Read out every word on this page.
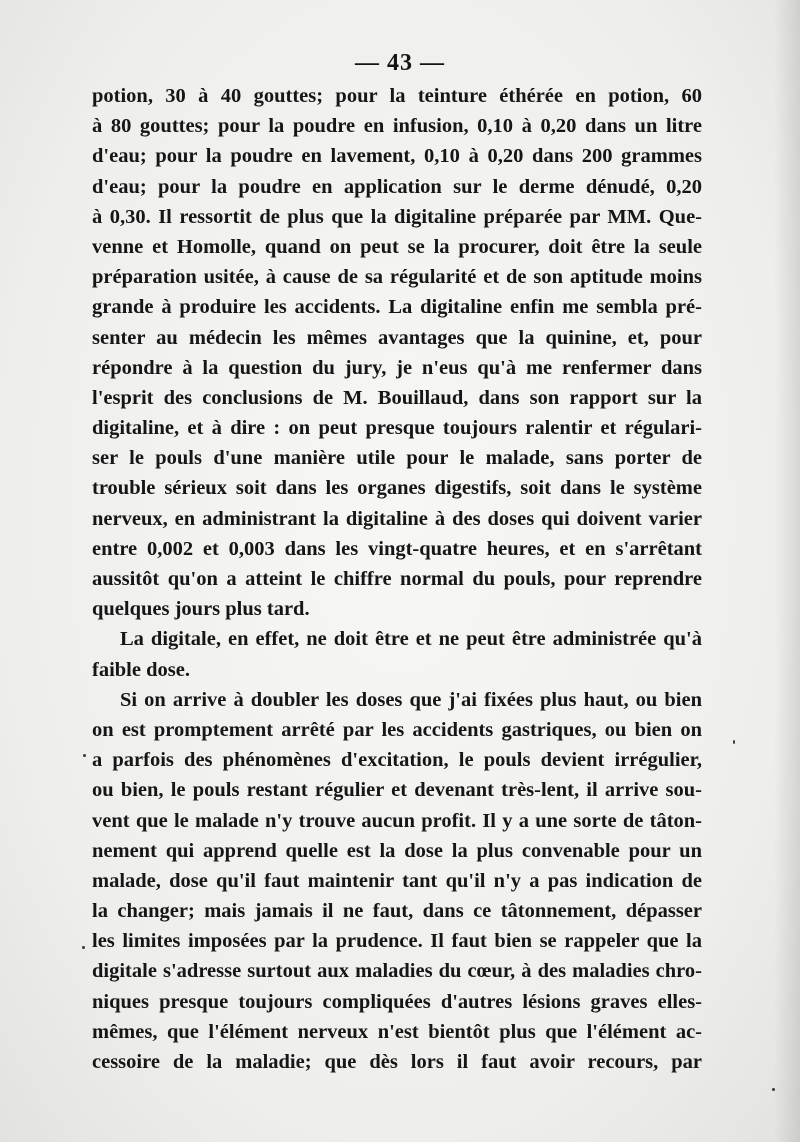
— 43 —
potion, 30 à 40 gouttes; pour la teinture éthérée en potion, 60
à 80 gouttes; pour la poudre en infusion, 0,10 à 0,20 dans un litre
d'eau; pour la poudre en lavement, 0,10 à 0,20 dans 200 grammes
d'eau; pour la poudre en application sur le derme dénudé, 0,20
à 0,30. Il ressortit de plus que la digitaline préparée par MM. Que-
venne et Homolle, quand on peut se la procurer, doit être la seule
préparation usitée, à cause de sa régularité et de son aptitude moins
grande à produire les accidents. La digitaline enfin me sembla pré-
senter au médecin les mêmes avantages que la quinine, et, pour
répondre à la question du jury, je n'eus qu'à me renfermer dans
l'esprit des conclusions de M. Bouillaud, dans son rapport sur la
digitaline, et à dire : on peut presque toujours ralentir et régulari-
ser le pouls d'une manière utile pour le malade, sans porter de
trouble sérieux soit dans les organes digestifs, soit dans le système
nerveux, en administrant la digitaline à des doses qui doivent varier
entre 0,002 et 0,003 dans les vingt-quatre heures, et en s'arrêtant
aussitôt qu'on a atteint le chiffre normal du pouls, pour reprendre
quelques jours plus tard.
La digitale, en effet, ne doit être et ne peut être administrée qu'à
faible dose.
Si on arrive à doubler les doses que j'ai fixées plus haut, ou bien
on est promptement arrêté par les accidents gastriques, ou bien on
a parfois des phénomènes d'excitation, le pouls devient irrégulier,
ou bien, le pouls restant régulier et devenant très-lent, il arrive sou-
vent que le malade n'y trouve aucun profit. Il y a une sorte de tâton-
nement qui apprend quelle est la dose la plus convenable pour un
malade, dose qu'il faut maintenir tant qu'il n'y a pas indication de
la changer; mais jamais il ne faut, dans ce tâtonnement, dépasser
les limites imposées par la prudence. Il faut bien se rappeler que la
digitale s'adresse surtout aux maladies du cœur, à des maladies chro-
niques presque toujours compliquées d'autres lésions graves elles-
mêmes, que l'élément nerveux n'est bientôt plus que l'élément ac-
cessoire de la maladie; que dès lors il faut avoir recours, par
